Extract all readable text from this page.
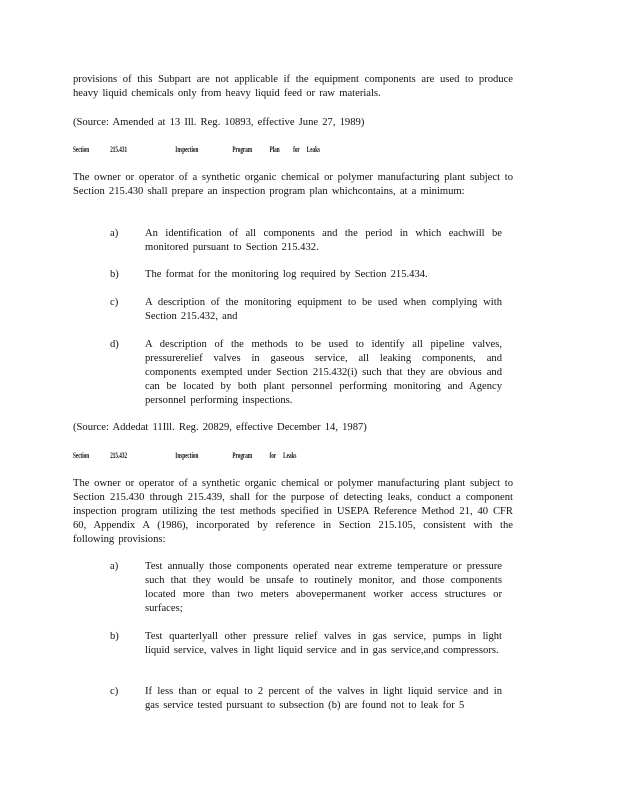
provisions of this Subpart are not applicable if the equipment components are used to produce heavy liquid chemicals only from heavy liquid feed or raw materials.

(Source: Amended at 13 Ill. Reg. 10893, effective June 27, 1989)

Section	215.431	Inspection	Program Plan for Leaks

The owner or operator of a synthetic organic chemical or polymer manufacturing plant subject to Section 215.430 shall prepare an inspection program plan whichcontains, at a minimum:

a)	An identification of all components and the period in which eachwill be monitored pursuant to Section 215.432.

b) The format for the monitoring log required by Section 215.434.

c)	A description of the monitoring equipment to be used when complying with Section 215.432, and

d) A description of the methods to be used to identify all pipeline valves, pressurerelief valves in gaseous service, all leaking components, and components exempted under Section 215.432(i) such that they are obvious and can be located by both plant personnel performing monitoring and Agency personnel performing inspections.

(Source: Addedat 11Ill. Reg. 20829, effective December 14, 1987)

Section	215.432	Inspection	Program for Leaks

The owner or operator of a synthetic organic chemical or polymer manufacturing plant subject to Section 215.430 through 215.439, shall for the purpose of detecting leaks, conduct a component inspection program utilizing the test methods specified in USEPA Reference Method 21, 40 CFR 60, Appendix A (1986), incorporated by reference in Section 215.105, consistent with the following provisions:

a)	Test annually those components operated near extreme temperature or pressure such that they would be unsafe to routinely monitor, and those components located more than two meters abovepermanent worker access structures or surfaces;

b) Test quarterlyall other pressure relief valves in gas service, pumps in light liquid service, valves in light liquid service and in gas service,and compressors.

c)	If less than or equal to 2 percent of the valves in light liquid service and in gas service tested pursuant to subsection (b) are found not to leak for 5
